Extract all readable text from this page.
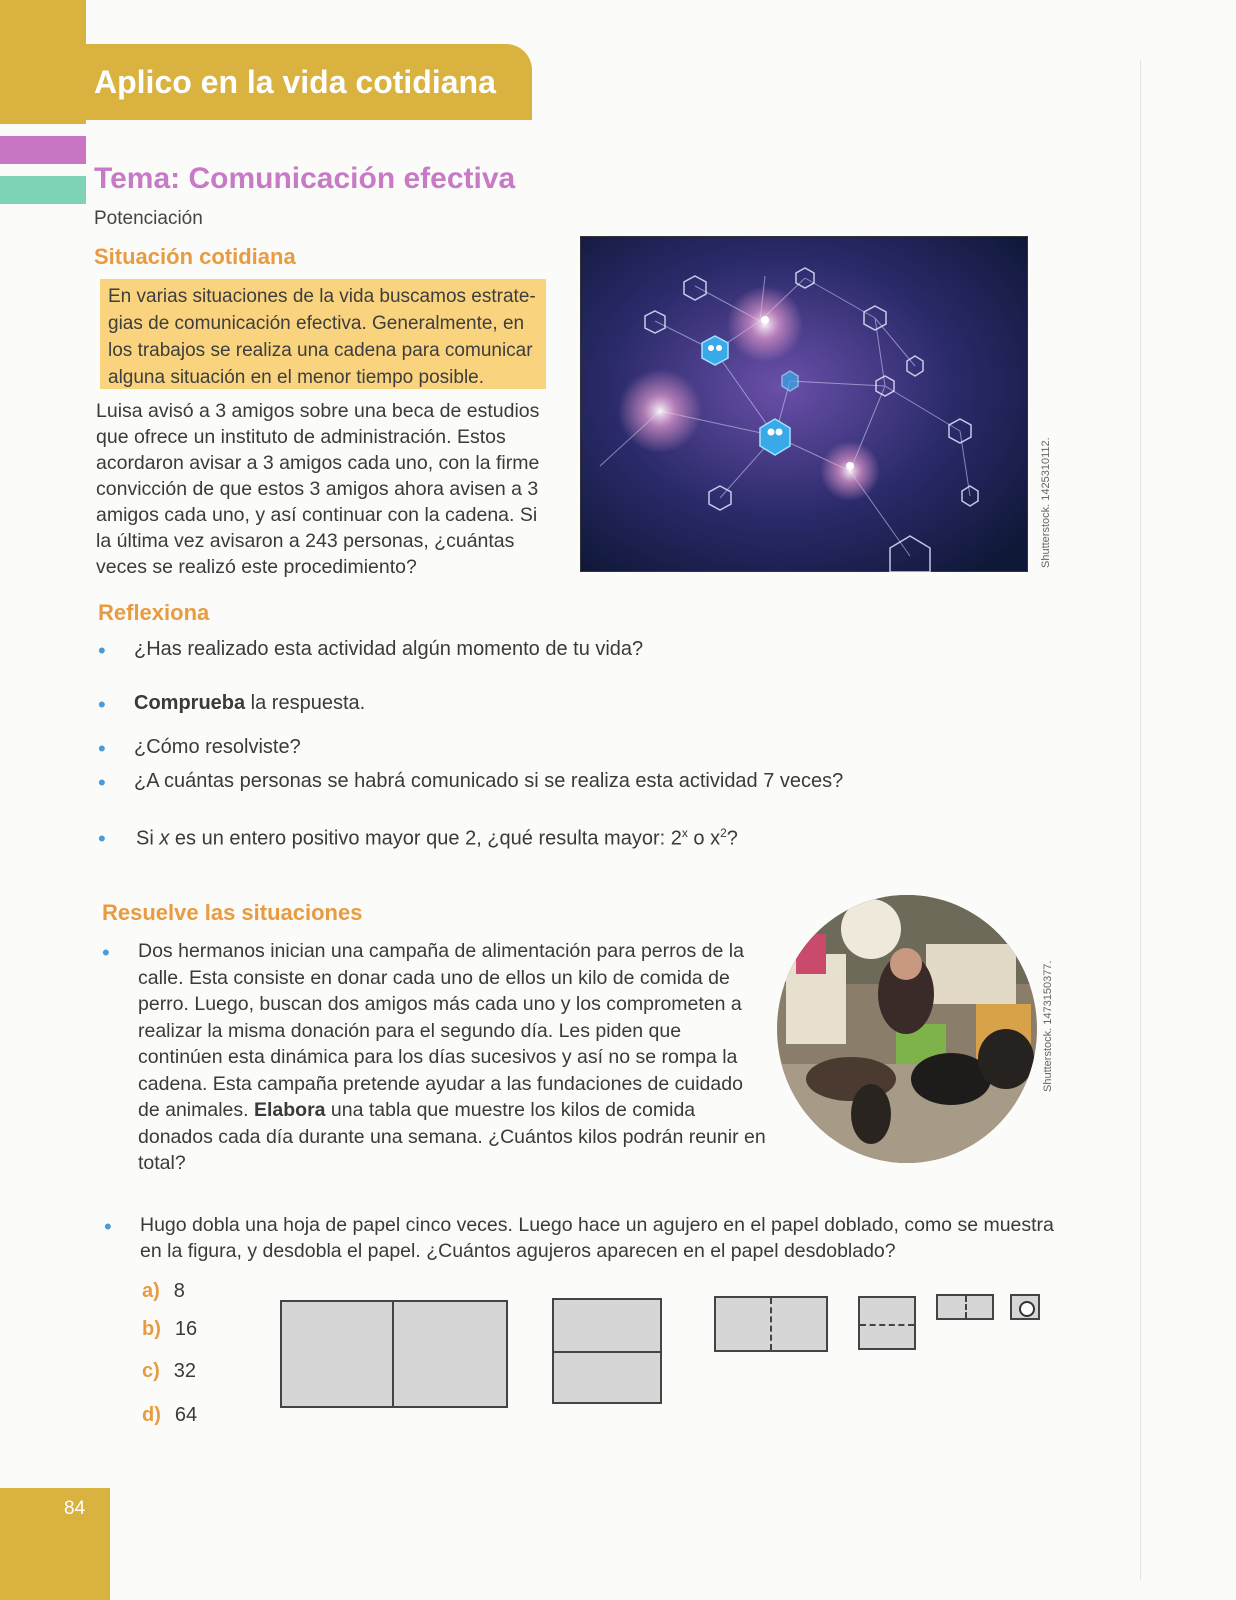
Aplico en la vida cotidiana
Tema: Comunicación efectiva
Potenciación
Situación cotidiana
En varias situaciones de la vida buscamos estrate-
gias de comunicación efectiva. Generalmente, en
los trabajos se realiza una cadena para comunicar
alguna situación en el menor tiempo posible.
Luisa avisó a 3 amigos sobre una beca de estudios que ofrece un instituto de administración. Estos acordaron avisar a 3 amigos cada uno, con la firme convicción de que estos 3 amigos ahora avisen a 3 amigos cada uno, y así continuar con la cadena. Si la última vez avisaron a 243 personas, ¿cuántas veces se realizó este procedimiento?	Shutterstock. 1425310112.
Reflexiona
• ¿Has realizado esta actividad algún momento de tu vida?
• Comprueba la respuesta.
• ¿Cómo resolviste?
• ¿A cuántas personas se habrá comunicado si se realiza esta actividad 7 veces?
• Si x es un entero positivo mayor que 2, ¿qué resulta mayor: 2$^x$ o $x^2$?
Resuelve las situaciones
• Dos hermanos inician una campaña de alimentación para perros de la calle. Esta consiste en donar cada uno de ellos un kilo de comida de perro. Luego, buscan dos amigos más cada uno y los comprometen a realizar la misma donación para el segundo día. Les piden que continúen esta dinámica para los días sucesivos y así no se rompa la cadena. Esta campaña pretende ayudar a las fundaciones de cuidado de animales. Elabora una tabla que muestre los kilos de comida donados cada día durante una semana. ¿Cuántos kilos podrán reunir en total?
Shutterstock. 1473150377.
• Hugo dobla una hoja de papel cinco veces. Luego hace un agujero en el papel doblado, como se muestra en la figura, y desdobla el papel. ¿Cuántos agujeros aparecen en el papel desdoblado?
a) 8
b) 16
c) 32
d) 64
84
